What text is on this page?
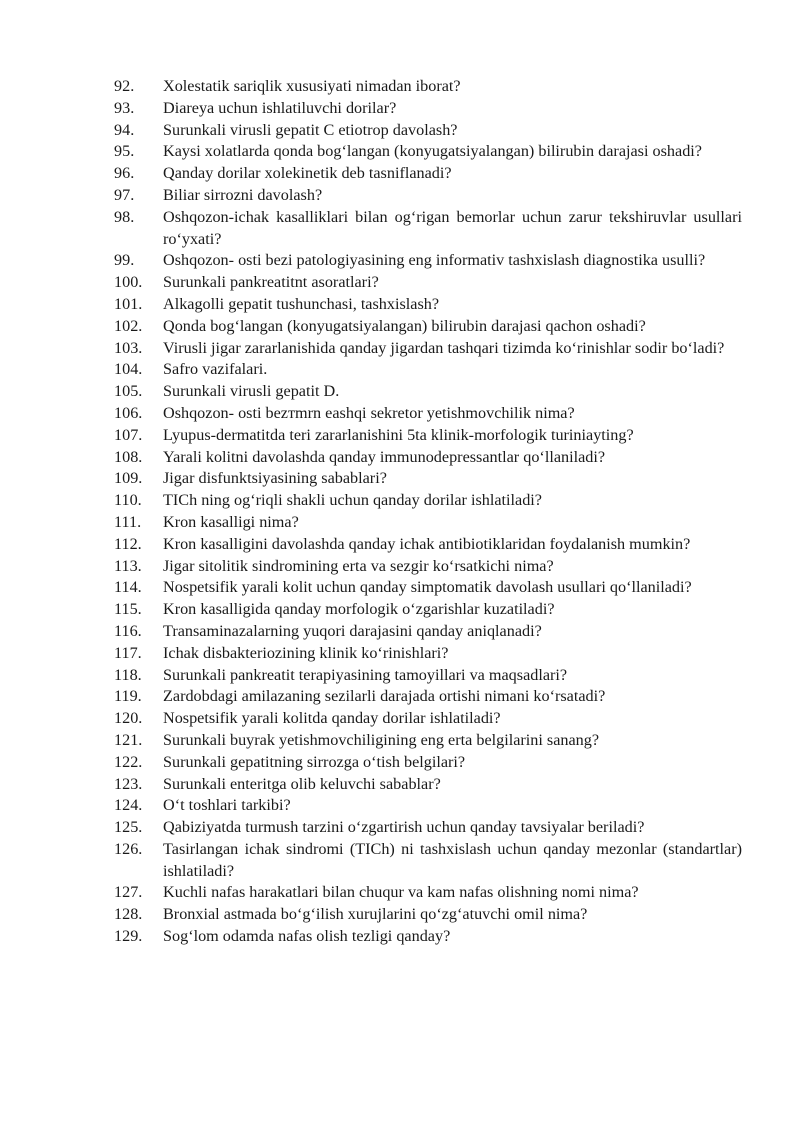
92.	Xolestatik sariqlik xususiyati nimadan iborat?
93.	Diareya uchun ishlatiluvchi dorilar?
94.	Surunkali virusli gepatit C etiotrop davolash?
95.	Kaysi xolatlarda qonda bog‘langan (konyugatsiyalangan) bilirubin darajasi oshadi?
96.	Qanday dorilar xolekinetik deb tasniflanadi?
97.	Biliar sirrozni davolash?
98.	Oshqozon-ichak kasalliklari bilan og‘rigan bemorlar uchun zarur tekshiruvlar usullari ro‘yxati?
99.	Oshqozon- osti bezi patologiyasining eng informativ tashxislash diagnostika usulli?
100.	Surunkali pankreatitnt asoratlari?
101.	Alkagolli gepatit tushunchasi, tashxislash?
102.	Qonda bog‘langan (konyugatsiyalangan) bilirubin darajasi qachon oshadi?
103.	Virusli jigar zararlanishida qanday jigardan tashqari tizimda ko‘rinishlar sodir bo‘ladi?
104.	Safro vazifalari.
105.	Surunkali virusli gepatit D.
106.	Oshqozon- osti bezтmrn eashqi sekretor yetishmovchilik nima?
107.	Lyupus-dermatitda teri zararlanishini 5ta klinik-morfologik turiniayting?
108.	Yarali kolitni davolashda qanday immunodepressantlar qo‘llaniladi?
109.	Jigar disfunktsiyasining sabablari?
110.	TICh ning og‘riqli shakli uchun qanday dorilar ishlatiladi?
111.	Kron kasalligi nima?
112.	Kron kasalligini davolashda qanday ichak antibiotiklaridan foydalanish mumkin?
113.	Jigar sitolitik sindromining erta va sezgir ko‘rsatkichi nima?
114.	Nospetsifik yarali kolit uchun qanday simptomatik davolash usullari qo‘llaniladi?
115.	Kron kasalligida qanday morfologik o‘zgarishlar kuzatiladi?
116.	Transaminazalarning yuqori darajasini qanday aniqlanadi?
117.	Ichak disbakteriozining klinik ko‘rinishlari?
118.	Surunkali pankreatit terapiyasining tamoyillari va maqsadlari?
119.	Zardobdagi amilazaning sezilarli darajada ortishi nimani ko‘rsatadi?
120.	Nospetsifik yarali kolitda qanday dorilar ishlatiladi?
121.	Surunkali buyrak yetishmovchiligining eng erta belgilarini sanang?
122.	Surunkali gepatitning sirrozga o‘tish belgilari?
123.	Surunkali enteritga olib keluvchi sabablar?
124.	O‘t toshlari tarkibi?
125.	Qabiziyatda turmush tarzini o‘zgartirish uchun qanday tavsiyalar beriladi?
126.	Tasirlangan ichak sindromi (TICh) ni tashxislash uchun qanday mezonlar (standartlar) ishlatiladi?
127.	Kuchli nafas harakatlari bilan chuqur va kam nafas olishning nomi nima?
128.	Bronxial astmada bo‘g‘ilish xurujlarini qo‘zg‘atuvchi omil nima?
129.	Sog‘lom odamda nafas olish tezligi qanday?
